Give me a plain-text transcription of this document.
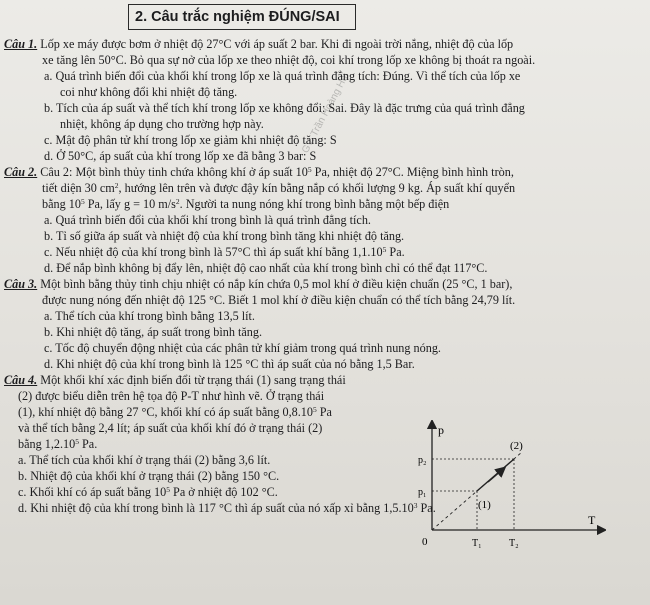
2. Câu trắc nghiệm ĐÚNG/SAI
GV. Trần Hoàng Hải

Câu 1. Lốp xe máy được bơm ở nhiệt độ 27°C với áp suất 2 bar. Khi đi ngoài trời nắng, nhiệt độ của lốp

xe tăng lên 50°C. Bỏ qua sự nở của lốp xe theo nhiệt độ, coi khí trong lốp xe không bị thoát ra ngoài.

a. Quá trình biến đổi của khối khí trong lốp xe là quá trình đẳng tích: Đúng. Vì thể tích của lốp xe

coi như không đổi khi nhiệt độ tăng.

b. Tích của áp suất và thể tích khí trong lốp xe không đổi: Sai. Đây là đặc trưng của quá trình đẳng

nhiệt, không áp dụng cho trường hợp này.

c. Mật độ phân tử khí trong lốp xe giảm khi nhiệt độ tăng: S

d. Ở 50°C, áp suất của khí trong lốp xe đã bằng 3 bar: S

Câu 2. Câu 2: Một bình thủy tinh chứa không khí ở áp suất $10^5$ Pa, nhiệt độ 27°C. Miệng bình hình tròn,

tiết diện 30 $cm^2$, hướng lên trên và được đậy kín bằng nắp có khối lượng 9 kg. Áp suất khí quyển

bằng $10^5$ Pa, lấy g = 10 $m/s^2$. Người ta nung nóng khí trong bình bằng một bếp điện

a. Quá trình biến đổi của khối khí trong bình là quá trình đẳng tích.

b. Tỉ số giữa áp suất và nhiệt độ của khí trong bình tăng khi nhiệt độ tăng.

c. Nếu nhiệt độ của khí trong bình là 57°C thì áp suất khí bằng 1,1.10$^5$ Pa.

d. Để nắp bình không bị đẩy lên, nhiệt độ cao nhất của khí trong bình chỉ có thể đạt 117°C.

Câu 3. Một bình bằng thủy tinh chịu nhiệt có nắp kín chứa 0,5 mol khí ở điều kiện chuẩn (25 °C, 1 bar),

được nung nóng đến nhiệt độ 125 °C. Biết 1 mol khí ở điều kiện chuẩn có thể tích bằng 24,79 lít.

a. Thể tích của khí trong bình bằng 13,5 lít.

b. Khi nhiệt độ tăng, áp suất trong bình tăng.

c. Tốc độ chuyển động nhiệt của các phân tử khí giảm trong quá trình nung nóng.

d. Khi nhiệt độ của khí trong bình là 125 °C thì áp suất của nó bằng 1,5 Bar.

Câu 4. Một khối khí xác định biến đổi từ trạng thái (1) sang trạng thái

(2) được biểu diễn trên hệ tọa độ P-T như hình vẽ. Ở trạng thái

(1), khí nhiệt độ bằng 27 °C, khối khí có áp suất bằng 0,8.10$^5$ Pa

và thể tích bằng 2,4 lít; áp suất của khối khí đó ở trạng thái (2)

bằng 1,2.10$^5$ Pa.

a. Thể tích của khối khí ở trạng thái (2) bằng 3,6 lít.

b. Nhiệt độ của khối khí ở trạng thái (2) bằng 150 °C.

c. Khối khí có áp suất bằng $10^5$ Pa ở nhiệt độ 102 °C.

d. Khi nhiệt độ của khí trong bình là 117 °C thì áp suất của nó xấp xỉ bằng 1,5.10$^3$ Pa.

p
T
0
p₂
p₁
T₁	T₂
(1)
(2)
